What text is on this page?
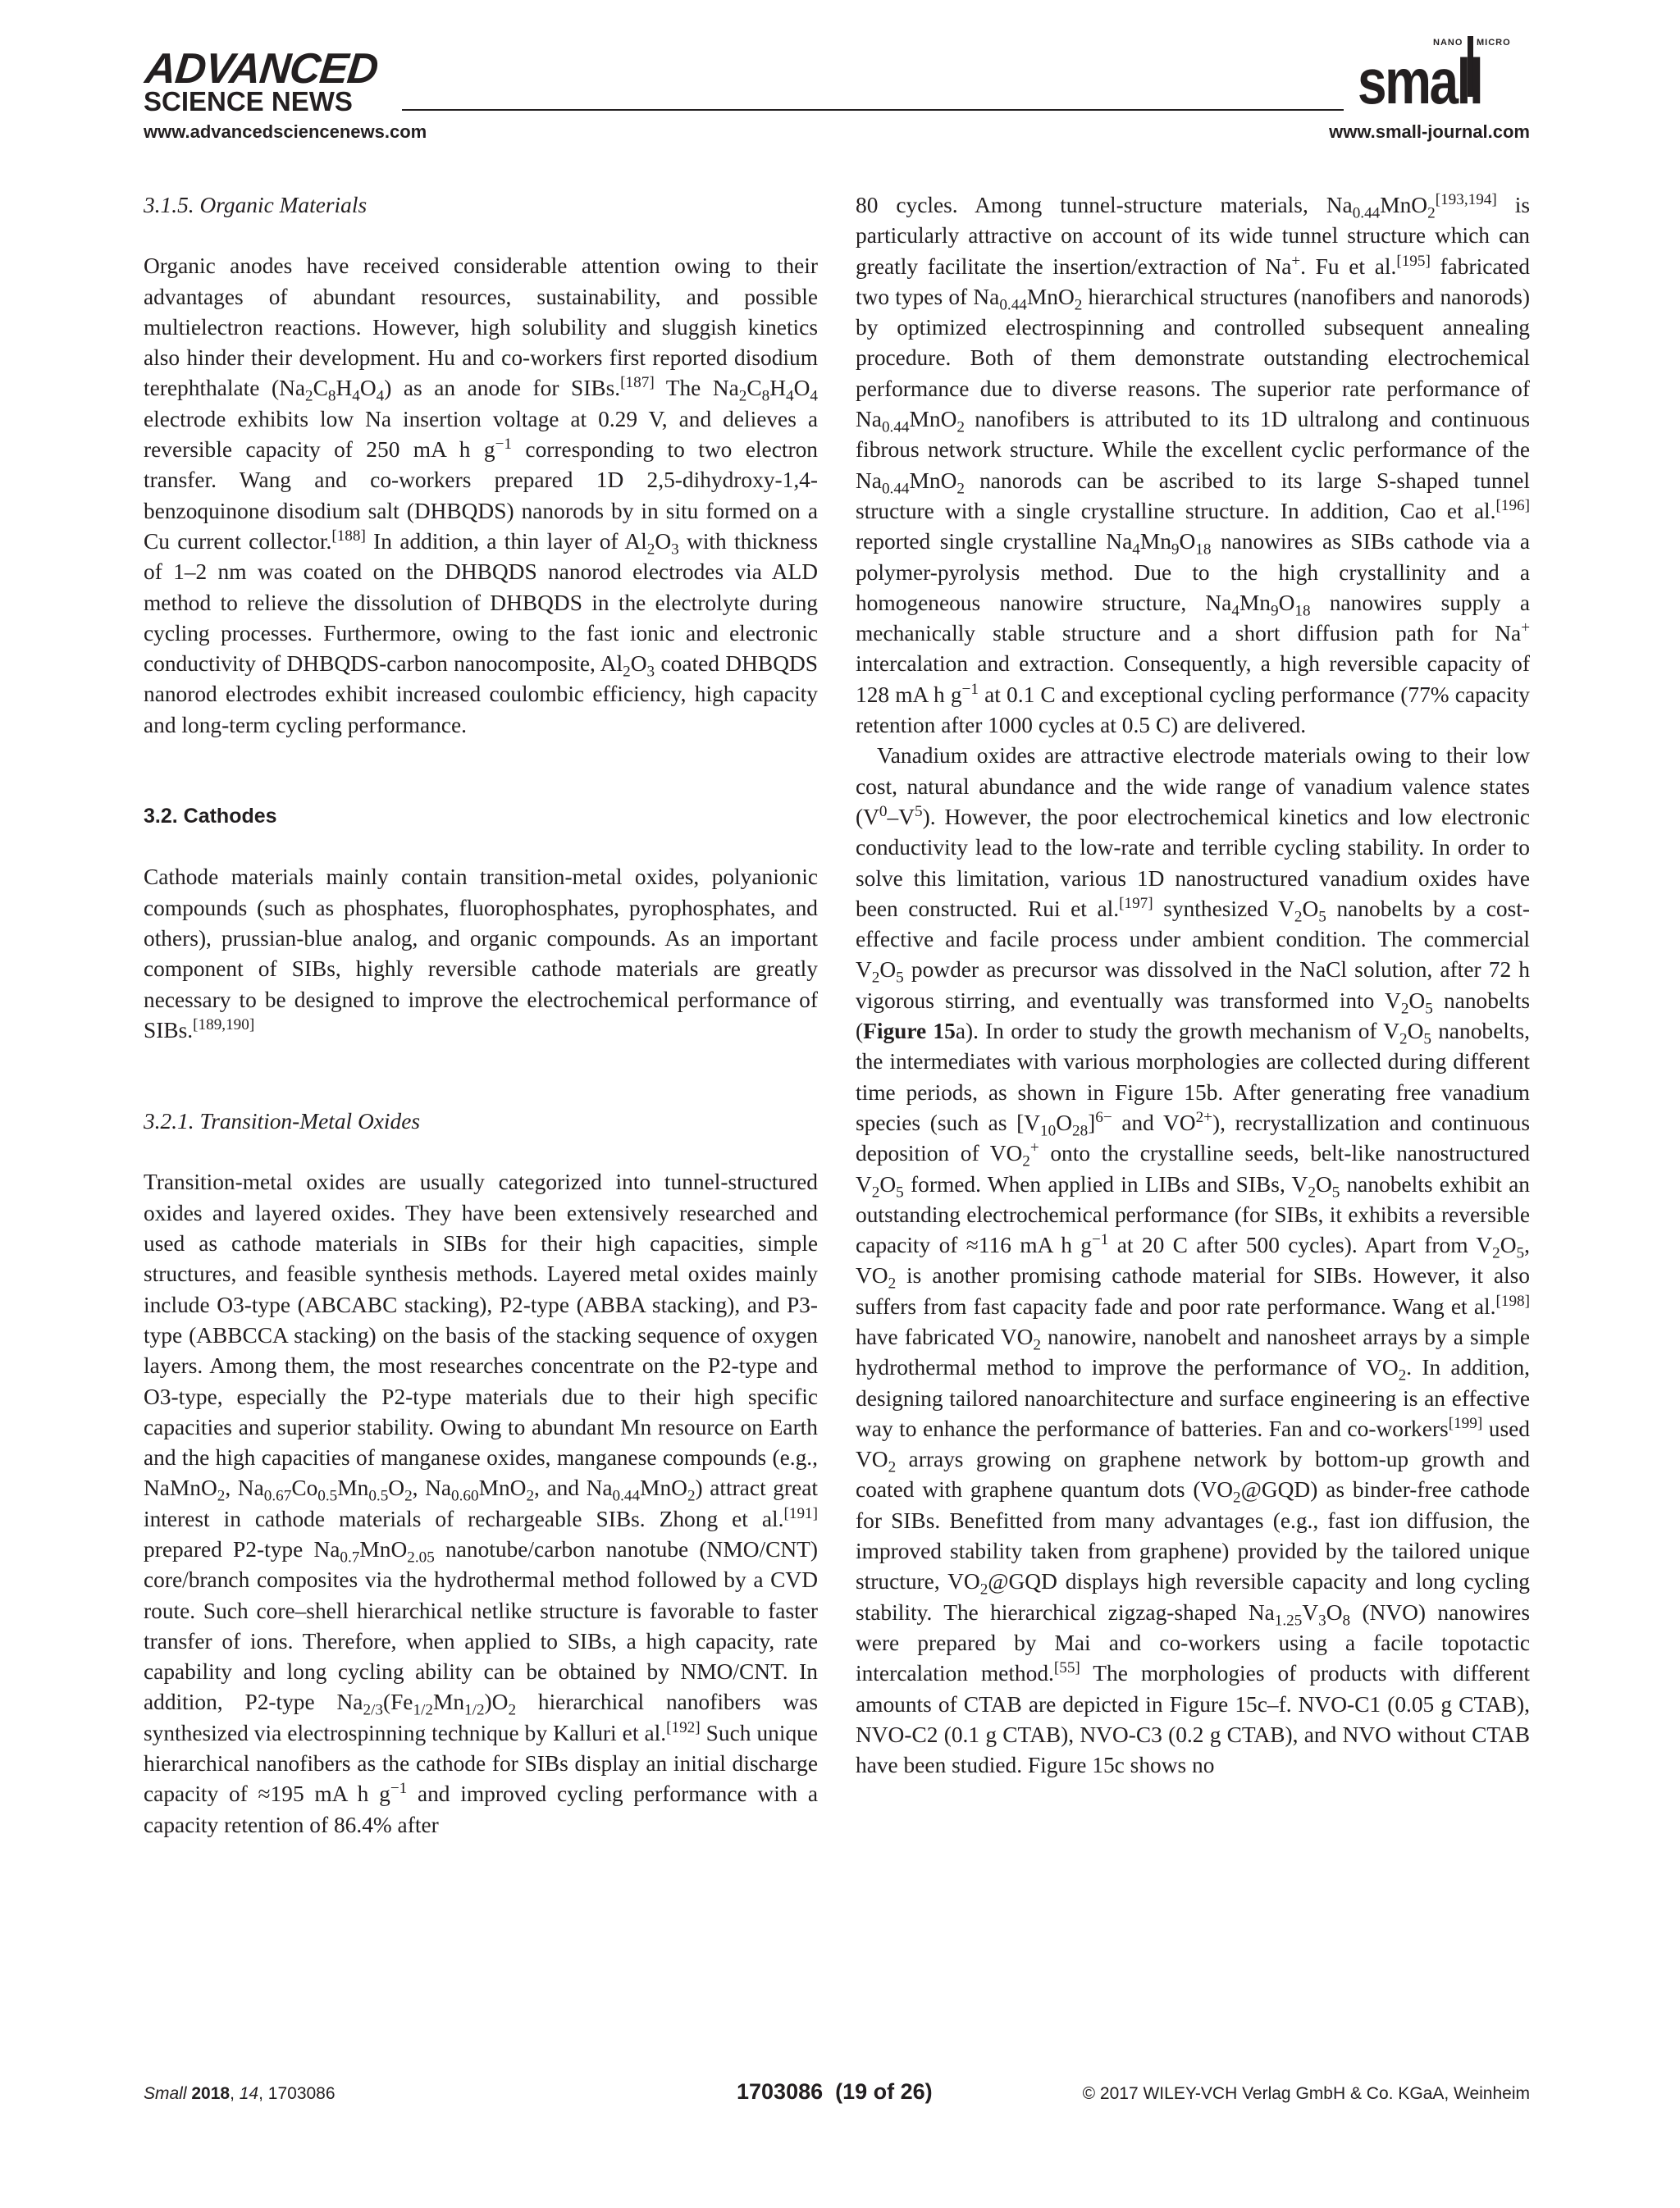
ADVANCED
SCIENCE NEWS
www.advancedsciencenews.com
NANO MICRO
small
www.small-journal.com
3.1.5. Organic Materials

Organic anodes have received considerable attention owing to their advantages of abundant resources, sustainability, and possible multielectron reactions. However, high solubility and sluggish kinetics also hinder their development. Hu and co-workers first reported disodium terephthalate $(Na_2C_8H_4O_4)$ as an anode for SIBs.[187] The $Na_2C_8H_4O_4$ electrode exhibits low Na insertion voltage at 0.29 V, and delieves a reversible capacity of 250 mA h $g^{-1}$ corresponding to two electron transfer. Wang and co-workers prepared 1D 2,5-dihydroxy-1,4-benzoquinone disodium salt (DHBQDS) nanorods by in situ formed on a Cu current collector.[188] In addition, a thin layer of $Al_2O_3$ with thickness of 1–2 nm was coated on the DHBQDS nanorod electrodes via ALD method to relieve the dissolution of DHBQDS in the electrolyte during cycling processes. Furthermore, owing to the fast ionic and electronic conductivity of DHBQDS-carbon nanocomposite, $Al_2O_3$ coated DHBQDS nanorod electrodes exhibit increased coulombic efficiency, high capacity and long-term cycling performance.

3.2. Cathodes

Cathode materials mainly contain transition-metal oxides, polyanionic compounds (such as phosphates, fluorophosphates, pyrophosphates, and others), prussian-blue analog, and organic compounds. As an important component of SIBs, highly reversible cathode materials are greatly necessary to be designed to improve the electrochemical performance of SIBs.[189,190]

3.2.1. Transition-Metal Oxides

Transition-metal oxides are usually categorized into tunnel-structured oxides and layered oxides. They have been extensively researched and used as cathode materials in SIBs for their high capacities, simple structures, and feasible synthesis methods. Layered metal oxides mainly include O3-type (ABCABC stacking), P2-type (ABBA stacking), and P3-type (ABBCCA stacking) on the basis of the stacking sequence of oxygen layers. Among them, the most researches concentrate on the P2-type and O3-type, especially the P2-type materials due to their high specific capacities and superior stability. Owing to abundant Mn resource on Earth and the high capacities of manganese oxides, manganese compounds (e.g., NaMnO$_2$, $Na_{0.67}Co_{0.5}Mn_{0.5}O_2$, $Na_{0.60}MnO_2$, and $Na_{0.44}MnO_2$) attract great interest in cathode materials of rechargeable SIBs. Zhong et al.[191] prepared P2-type $Na_{0.7}MnO_{2.05}$ nanotube/carbon nanotube (NMO/CNT) core/branch composites via the hydrothermal method followed by a CVD route. Such core–shell hierarchical netlike structure is favorable to faster transfer of ions. Therefore, when applied to SIBs, a high capacity, rate capability and long cycling ability can be obtained by NMO/CNT. In addition, P2-type $Na_{2/3}(Fe_{1/2}Mn_{1/2})O_2$ hierarchical nanofibers was synthesized via electrospinning technique by Kalluri et al.[192] Such unique hierarchical nanofibers as the cathode for SIBs display an initial discharge capacity of ≈195 mA h $g^{-1}$ and improved cycling performance with a capacity retention of 86.4% after

80 cycles. Among tunnel-structure materials, $Na_{0.44}MnO_2[193,194]$ is particularly attractive on account of its wide tunnel structure which can greatly facilitate the insertion/extraction of Na+. Fu et al.[195] fabricated two types of $Na_{0.44}MnO_2$ hierarchical structures (nanofibers and nanorods) by optimized electrospinning and controlled subsequent annealing procedure. Both of them demonstrate outstanding electrochemical performance due to diverse reasons. The superior rate performance of $Na_{0.44}MnO_2$ nanofibers is attributed to its 1D ultralong and continuous fibrous network structure. While the excellent cyclic performance of the $Na_{0.44}MnO_2$ nanorods can be ascribed to its large S-shaped tunnel structure with a single crystalline structure. In addition, Cao et al.[196] reported single crystalline $Na_4Mn_9O_{18}$ nanowires as SIBs cathode via a polymer-pyrolysis method. Due to the high crystallinity and a homogeneous nanowire structure, $Na_4Mn_9O_{18}$ nanowires supply a mechanically stable structure and a short diffusion path for Na+ intercalation and extraction. Consequently, a high reversible capacity of 128 mA h $g^{-1}$ at 0.1 C and exceptional cycling performance (77% capacity retention after 1000 cycles at 0.5 C) are delivered.

Vanadium oxides are attractive electrode materials owing to their low cost, natural abundance and the wide range of vanadium valence states $(V^0-V^5)$. However, the poor electrochemical kinetics and low electronic conductivity lead to the low-rate and terrible cycling stability. In order to solve this limitation, various 1D nanostructured vanadium oxides have been constructed. Rui et al.[197] synthesized $V_2O_5$ nanobelts by a cost-effective and facile process under ambient condition. The commercial $V_2O_5$ powder as precursor was dissolved in the NaCl solution, after 72 h vigorous stirring, and eventually was transformed into $V_2O_5$ nanobelts (Figure 15a). In order to study the growth mechanism of $V_2O_5$ nanobelts, the intermediates with various morphologies are collected during different time periods, as shown in Figure 15b. After generating free vanadium species (such as $[V_{10}O_{28}]^{6-}$ and $VO^{2+}$), recrystallization and continuous deposition of $VO_2^+$ onto the crystalline seeds, belt-like nanostructured $V_2O_5$ formed. When applied in LIBs and SIBs, $V_2O_5$ nanobelts exhibit an outstanding electrochemical performance (for SIBs, it exhibits a reversible capacity of ≈116 mA h $g^{-1}$ at 20 C after 500 cycles). Apart from $V_2O_5$, $VO_2$ is another promising cathode material for SIBs. However, it also suffers from fast capacity fade and poor rate performance. Wang et al.[198] have fabricated $VO_2$ nanowire, nanobelt and nanosheet arrays by a simple hydrothermal method to improve the performance of $VO_2$. In addition, designing tailored nanoarchitecture and surface engineering is an effective way to enhance the performance of batteries. Fan and co-workers[199] used $VO_2$ arrays growing on graphene network by bottom-up growth and coated with graphene quantum dots $(VO_2@GQD)$ as binder-free cathode for SIBs. Benefitted from many advantages (e.g., fast ion diffusion, the improved stability taken from graphene) provided by the tailored unique structure, $VO_2@GQD$ displays high reversible capacity and long cycling stability. The hierarchical zigzag-shaped $Na_{1.25}V_3O_8$ (NVO) nanowires were prepared by Mai and co-workers using a facile topotactic intercalation method.[55] The morphologies of products with different amounts of CTAB are depicted in Figure 15c–f. NVO-C1 (0.05 g CTAB), NVO-C2 (0.1 g CTAB), NVO-C3 (0.2 g CTAB), and NVO without CTAB have been studied. Figure 15c shows no

Small 2018, 14, 1703086	1703086  (19 of 26)	© 2017 WILEY-VCH Verlag GmbH & Co. KGaA, Weinheim
